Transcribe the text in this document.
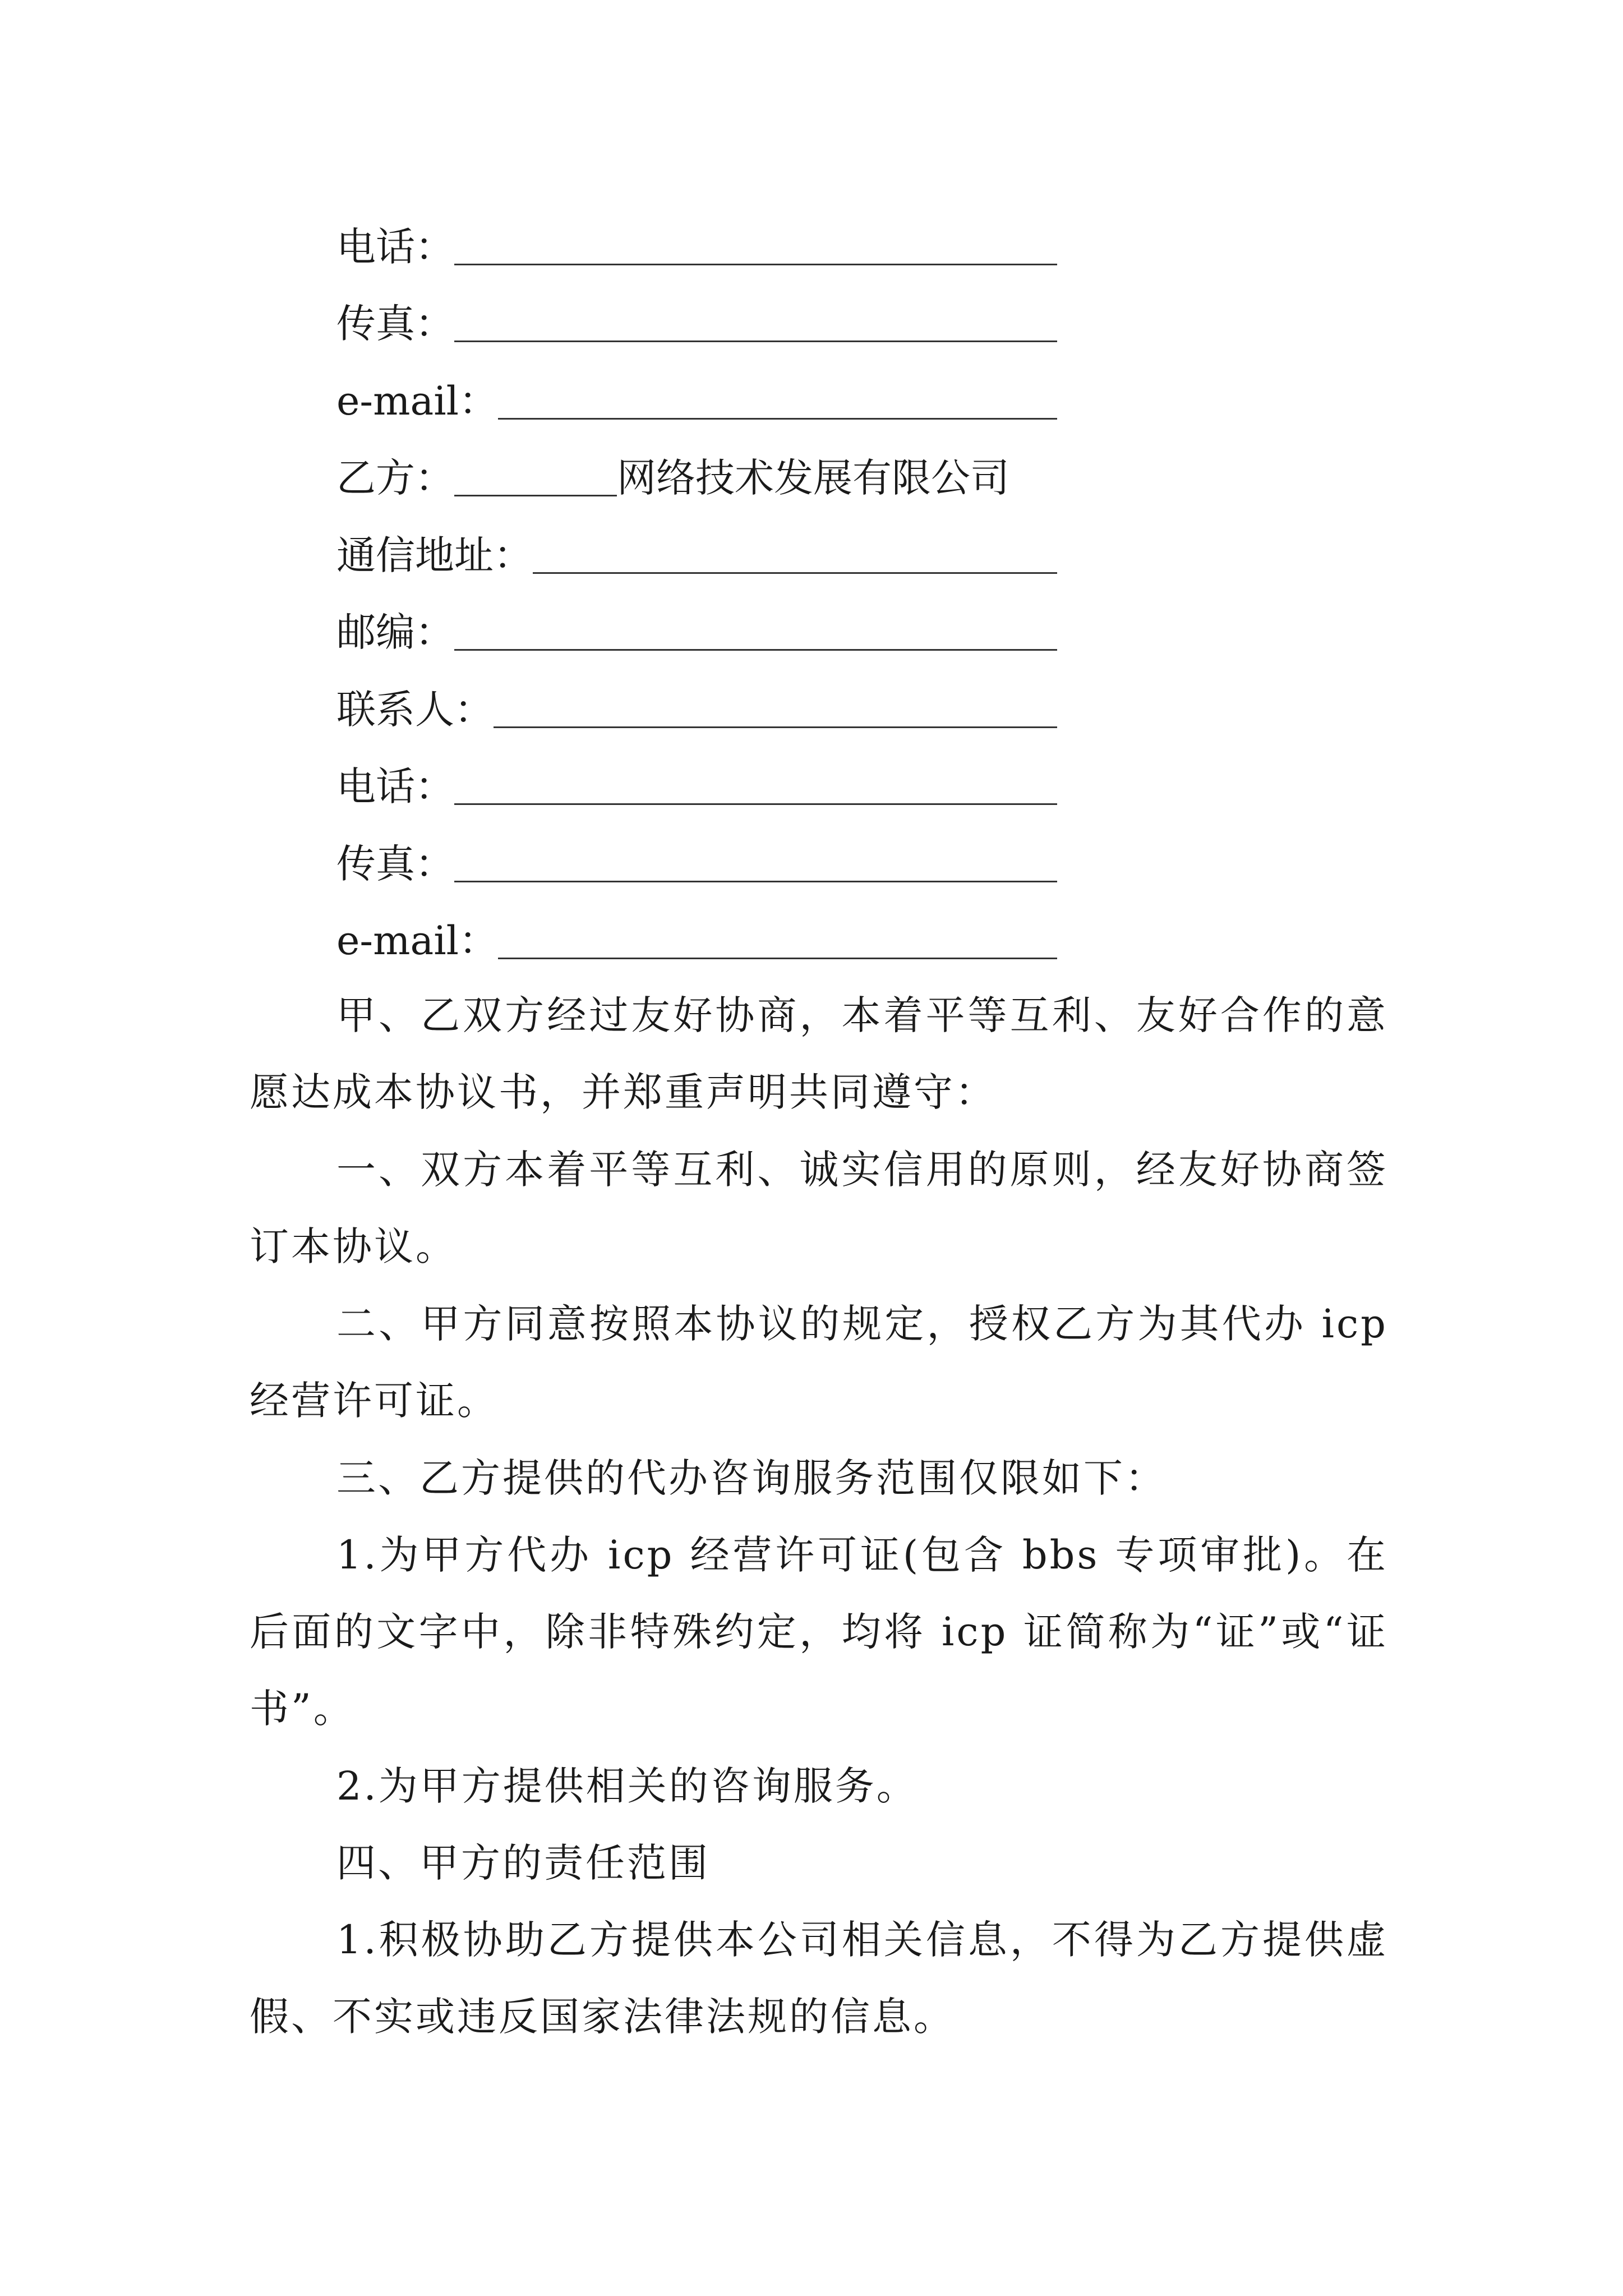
电话：
传真：
e-mail：
乙方：	网络技术发展有限公司
通信地址：
邮编：
联系人：
电话：
传真：
e-mail：

甲、乙双方经过友好协商，本着平等互利、友好合作的意愿达成本协议书，并郑重声明共同遵守：

一、双方本着平等互利、诚实信用的原则，经友好协商签订本协议。

二、甲方同意按照本协议的规定，授权乙方为其代办 icp 经营许可证。

三、乙方提供的代办咨询服务范围仅限如下：

1.为甲方代办 icp 经营许可证(包含 bbs 专项审批)。在后面的文字中，除非特殊约定，均将 icp 证简称为“证”或“证书”。

2.为甲方提供相关的咨询服务。

四、甲方的责任范围

1.积极协助乙方提供本公司相关信息，不得为乙方提供虚假、不实或违反国家法律法规的信息。
